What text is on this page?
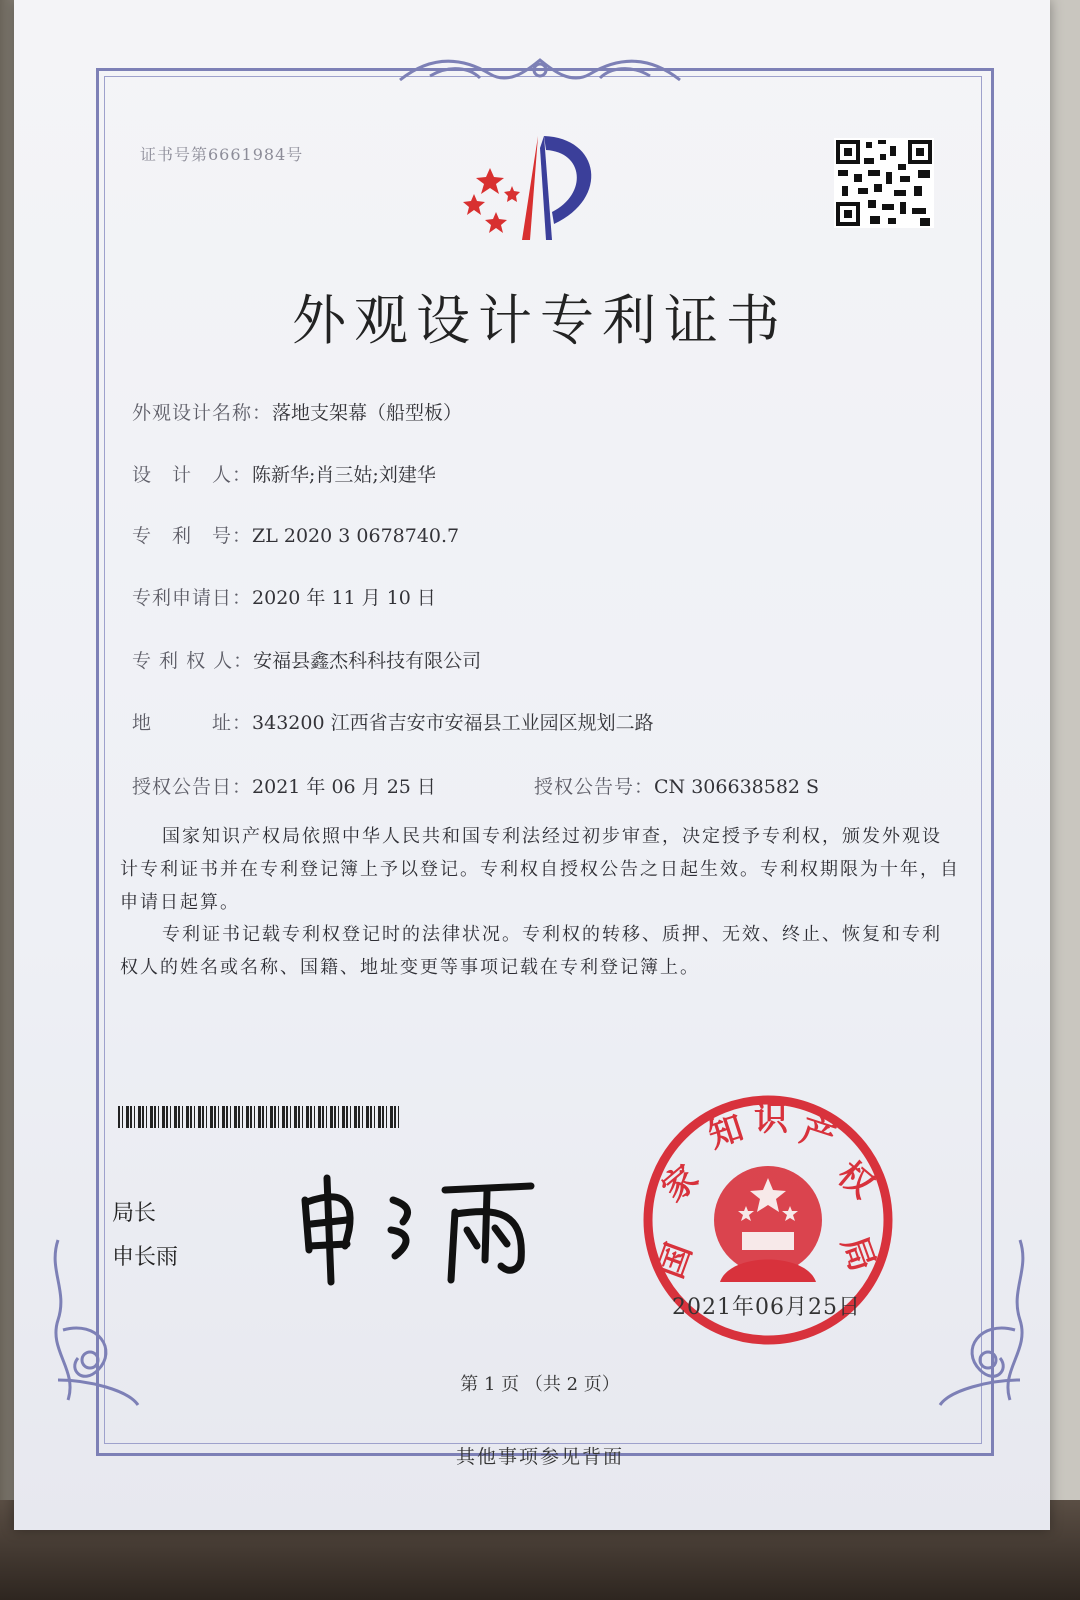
证书号第6661984号
外观设计专利证书
外观设计名称：落地支架幕（船型板）
设　计　人：陈新华;肖三姑;刘建华
专　利　号：ZL 2020 3 0678740.7
专利申请日：2020 年 11 月 10 日
专 利 权 人：安福县鑫杰科科技有限公司
地　　　址：343200 江西省吉安市安福县工业园区规划二路
授权公告日：2021 年 06 月 25 日	授权公告号：CN 306638582 S
国家知识产权局依照中华人民共和国专利法经过初步审查，决定授予专利权，颁发外观设计专利证书并在专利登记簿上予以登记。专利权自授权公告之日起生效。专利权期限为十年，自申请日起算。
专利证书记载专利权登记时的法律状况。专利权的转移、质押、无效、终止、恢复和专利权人的姓名或名称、国籍、地址变更等事项记载在专利登记簿上。
局长
申长雨	国
家
知 识 产
权
局
2021年06月25日
第 1 页 （共 2 页）
其他事项参见背面
